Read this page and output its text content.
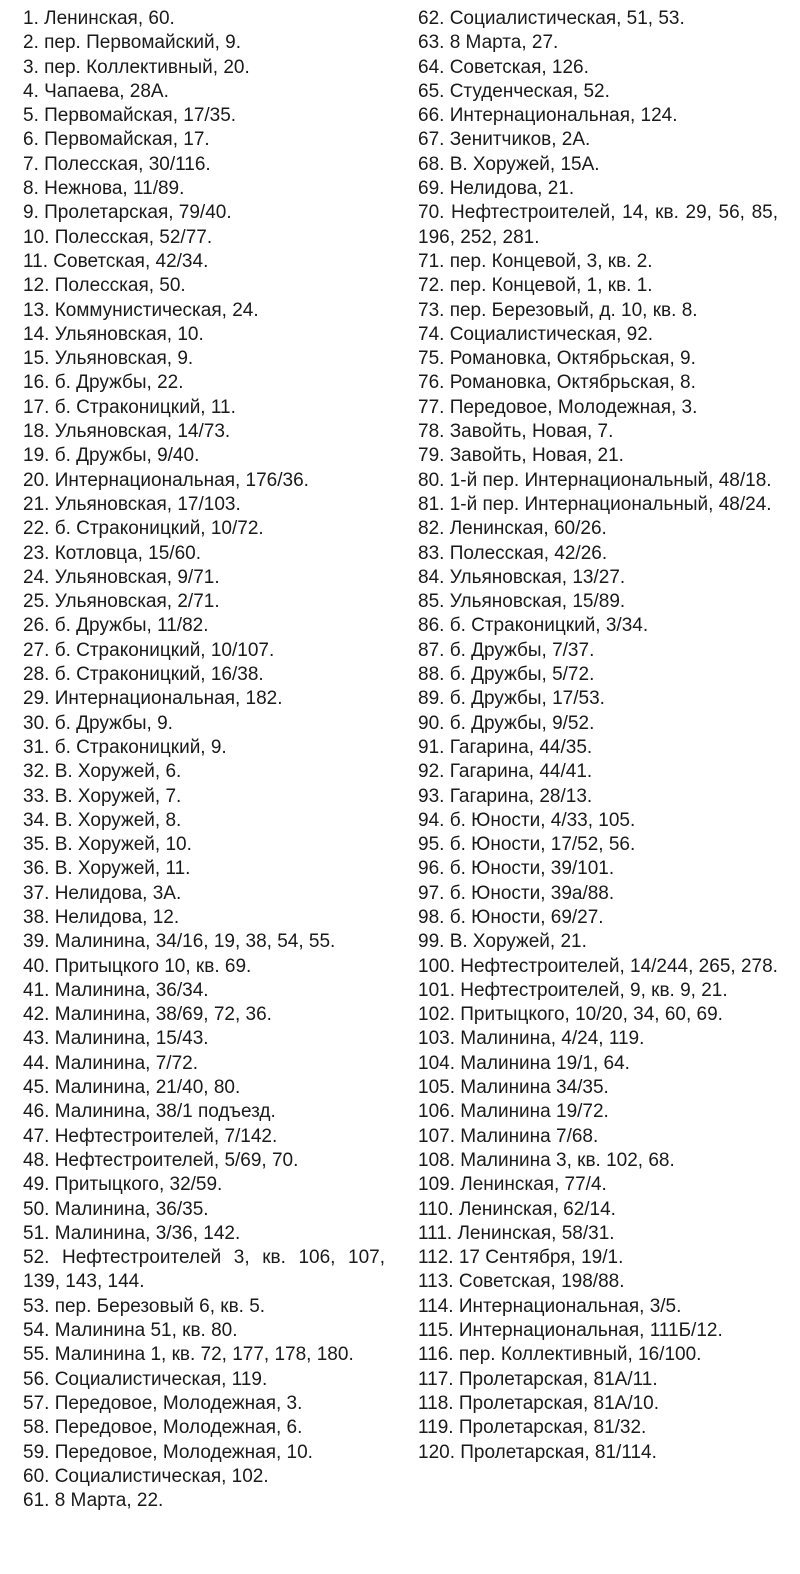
1. Ленинская, 60.
2. пер. Первомайский, 9.
3. пер. Коллективный, 20.
4. Чапаева, 28А.
5. Первомайская, 17/35.
6. Первомайская, 17.
7. Полесская, 30/116.
8. Нежнова, 11/89.
9. Пролетарская, 79/40.
10. Полесская, 52/77.
11. Советская, 42/34.
12. Полесская, 50.
13. Коммунистическая, 24.
14. Ульяновская, 10.
15. Ульяновская, 9.
16. б. Дружбы, 22.
17. б. Страконицкий, 11.
18. Ульяновская, 14/73.
19. б. Дружбы, 9/40.
20. Интернациональная, 176/36.
21. Ульяновская, 17/103.
22. б. Страконицкий, 10/72.
23. Котловца, 15/60.
24. Ульяновская, 9/71.
25. Ульяновская, 2/71.
26. б. Дружбы, 11/82.
27. б. Страконицкий, 10/107.
28. б. Страконицкий, 16/38.
29. Интернациональная, 182.
30. б. Дружбы, 9.
31. б. Страконицкий, 9.
32. В. Хоружей, 6.
33. В. Хоружей, 7.
34. В. Хоружей, 8.
35. В. Хоружей, 10.
36. В. Хоружей, 11.
37. Нелидова, 3А.
38. Нелидова, 12.
39. Малинина, 34/16, 19, 38, 54, 55.
40. Притыцкого 10, кв. 69.
41. Малинина, 36/34.
42. Малинина, 38/69, 72, 36.
43. Малинина, 15/43.
44. Малинина, 7/72.
45. Малинина, 21/40, 80.
46. Малинина, 38/1 подъезд.
47. Нефтестроителей, 7/142.
48. Нефтестроителей, 5/69, 70.
49. Притыцкого, 32/59.
50. Малинина, 36/35.
51. Малинина, 3/36, 142.
52. Нефтестроителей 3, кв. 106, 107, 139, 143, 144.
53. пер. Березовый 6, кв. 5.
54. Малинина 51, кв. 80.
55. Малинина 1, кв. 72, 177, 178, 180.
56. Социалистическая, 119.
57. Передовое, Молодежная, 3.
58. Передовое, Молодежная, 6.
59. Передовое, Молодежная, 10.
60. Социалистическая, 102.
61. 8 Марта, 22.
62. Социалистическая, 51, 53.
63. 8 Марта, 27.
64. Советская, 126.
65. Студенческая, 52.
66. Интернациональная, 124.
67. Зенитчиков, 2А.
68. В. Хоружей, 15А.
69. Нелидова, 21.
70. Нефтестроителей, 14, кв. 29, 56, 85, 196, 252, 281.
71. пер. Концевой, 3, кв. 2.
72. пер. Концевой, 1, кв. 1.
73. пер. Березовый, д. 10, кв. 8.
74. Социалистическая, 92.
75. Романовка, Октябрьская, 9.
76. Романовка, Октябрьская, 8.
77. Передовое, Молодежная, 3.
78. Завойть, Новая, 7.
79. Завойть, Новая, 21.
80. 1-й пер. Интернациональный, 48/18.
81. 1-й пер. Интернациональный, 48/24.
82. Ленинская, 60/26.
83. Полесская, 42/26.
84. Ульяновская, 13/27.
85. Ульяновская, 15/89.
86. б. Страконицкий, 3/34.
87. б. Дружбы, 7/37.
88. б. Дружбы, 5/72.
89. б. Дружбы, 17/53.
90. б. Дружбы, 9/52.
91. Гагарина, 44/35.
92. Гагарина, 44/41.
93. Гагарина, 28/13.
94. б. Юности, 4/33, 105.
95. б. Юности, 17/52, 56.
96. б. Юности, 39/101.
97. б. Юности, 39а/88.
98. б. Юности, 69/27.
99. В. Хоружей, 21.
100. Нефтестроителей, 14/244, 265, 278.
101. Нефтестроителей, 9, кв. 9, 21.
102. Притыцкого, 10/20, 34, 60, 69.
103. Малинина, 4/24, 119.
104. Малинина 19/1, 64.
105. Малинина 34/35.
106. Малинина 19/72.
107. Малинина 7/68.
108. Малинина 3, кв. 102, 68.
109. Ленинская, 77/4.
110. Ленинская, 62/14.
111. Ленинская, 58/31.
112. 17 Сентября, 19/1.
113. Советская, 198/88.
114. Интернациональная, 3/5.
115. Интернациональная, 111Б/12.
116. пер. Коллективный, 16/100.
117. Пролетарская, 81А/11.
118. Пролетарская, 81А/10.
119. Пролетарская, 81/32.
120. Пролетарская, 81/114.
